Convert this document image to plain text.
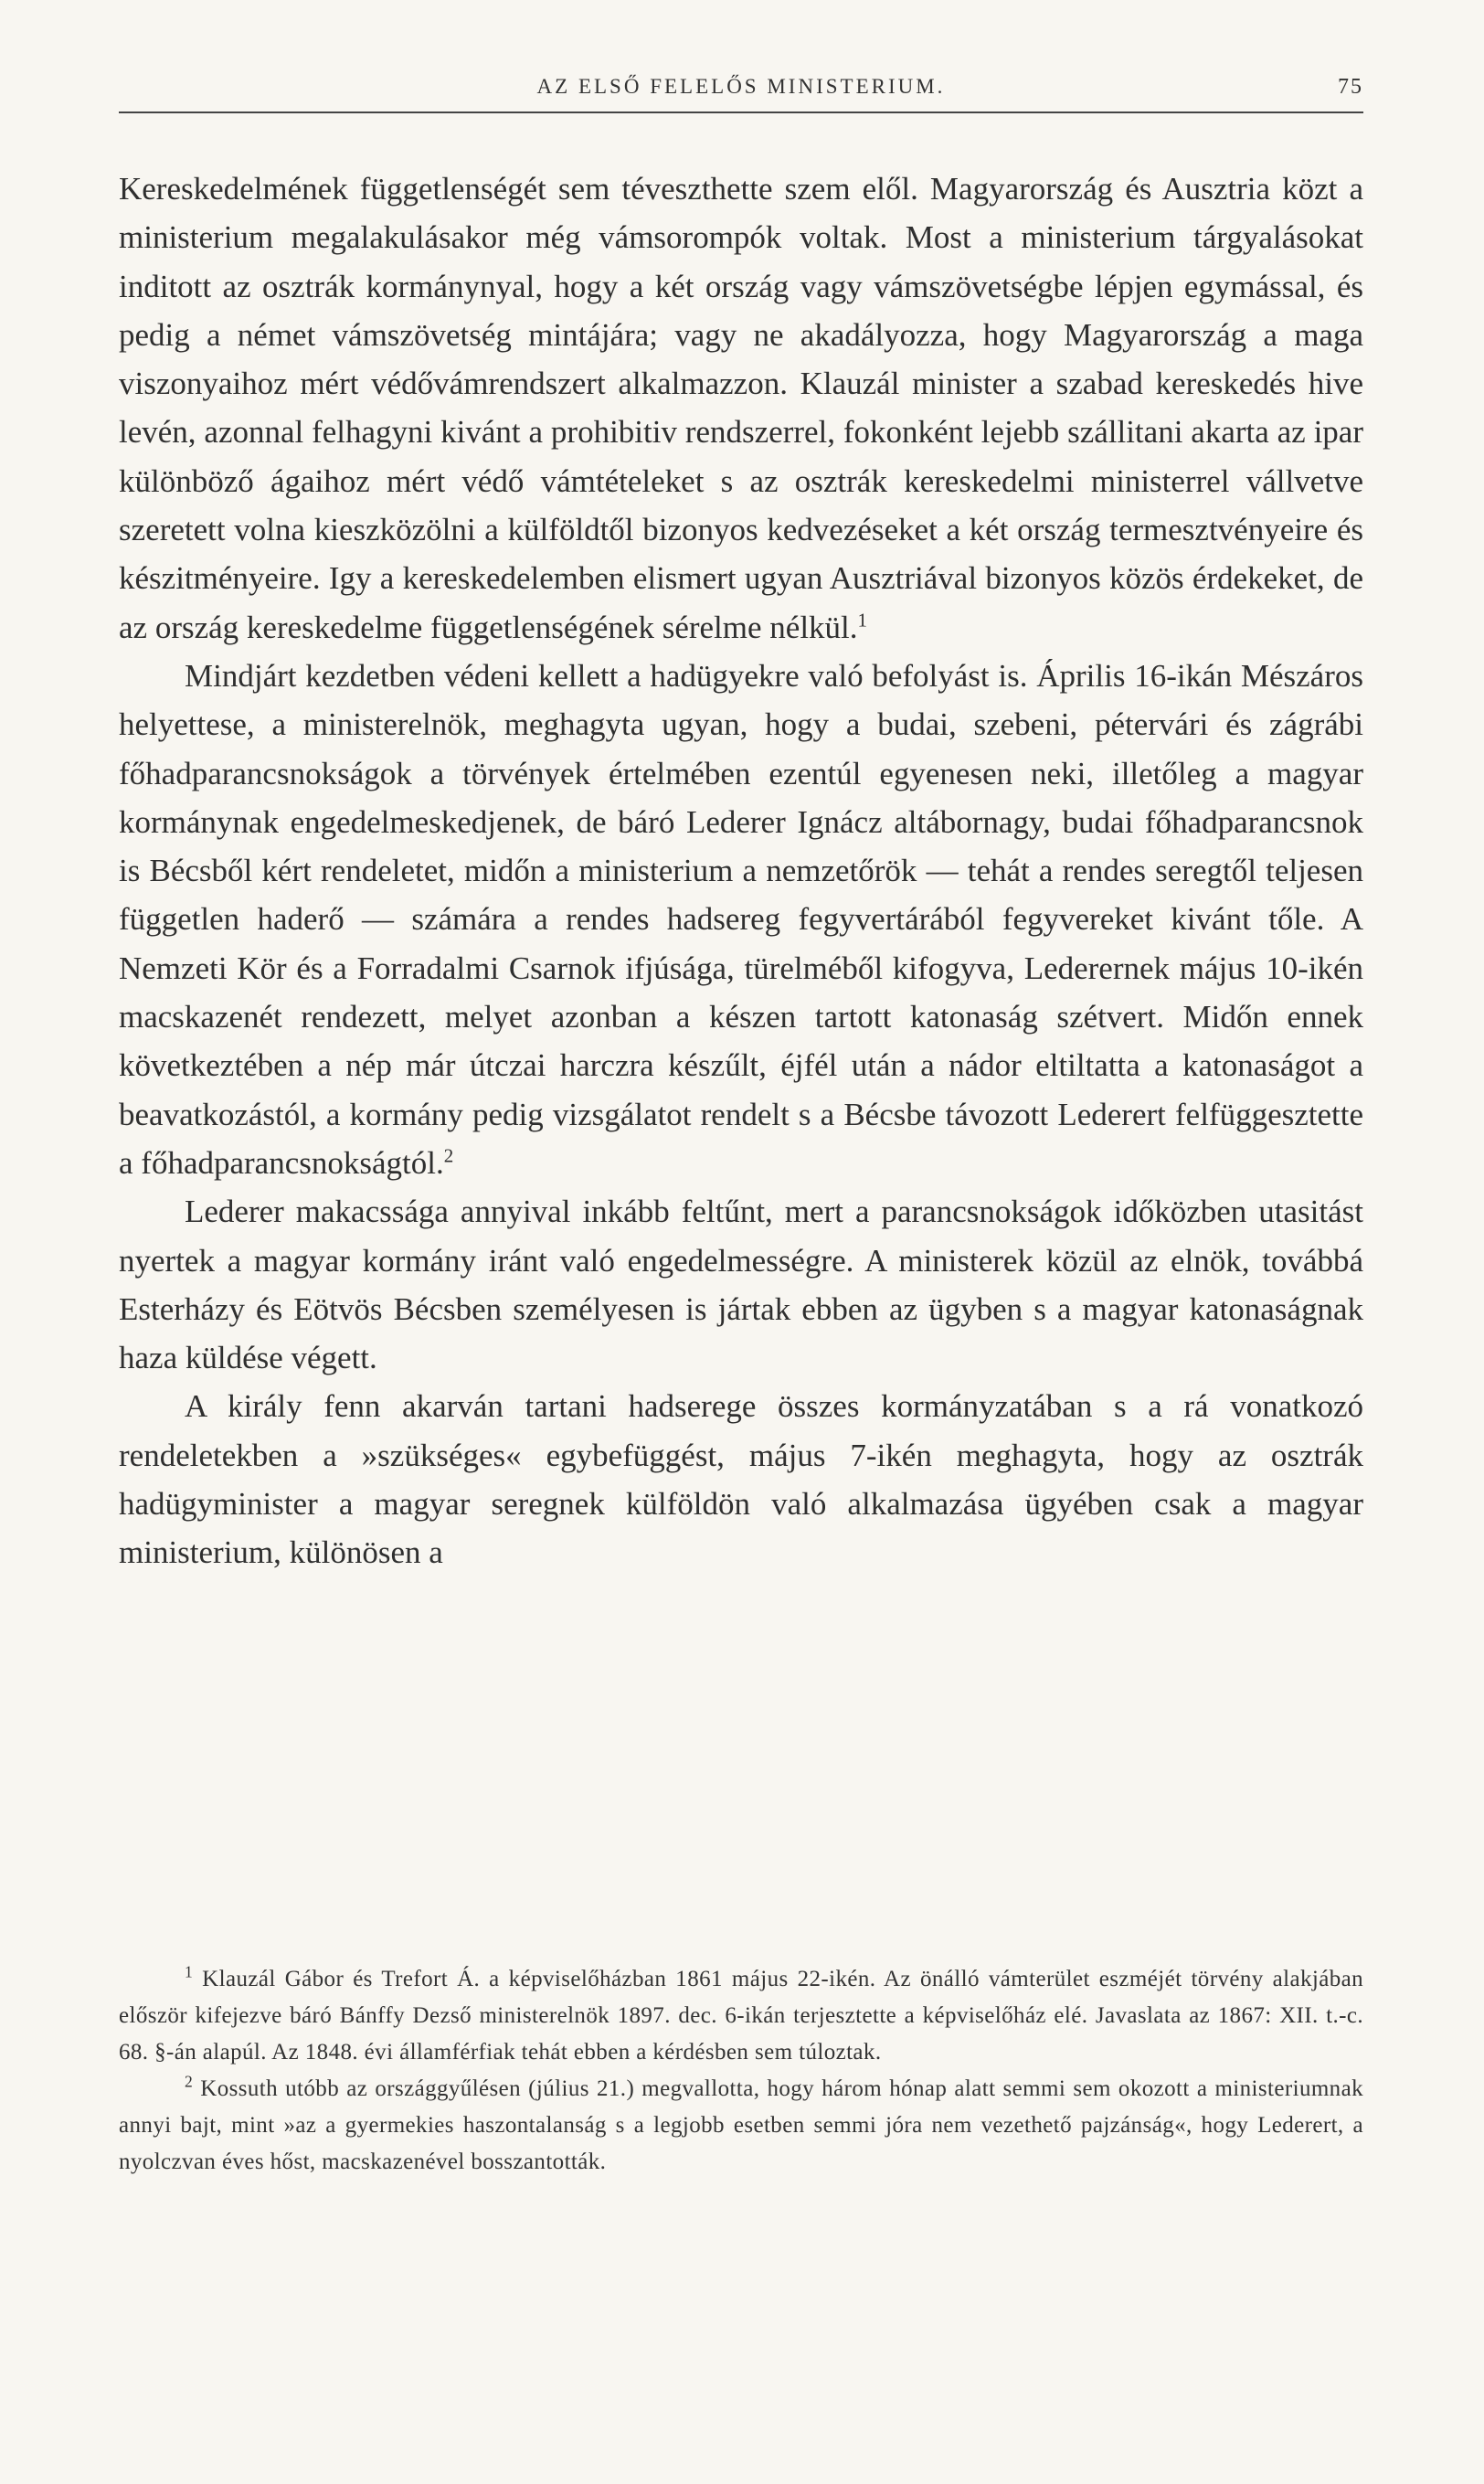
AZ ELSŐ FELELŐS MINISTERIUM.	75

Kereskedelmének függetlenségét sem téveszthette szem elől. Magyarország és Ausztria közt a ministerium megalakulásakor még vámsorompók voltak. Most a ministerium tárgyalásokat inditott az osztrák kormánynyal, hogy a két ország vagy vámszövetségbe lépjen egymással, és pedig a német vámszövetség mintájára; vagy ne akadályozza, hogy Magyarország a maga viszonyaihoz mért védővámrendszert alkalmazzon. Klauzál minister a szabad kereskedés hive levén, azonnal felhagyni kivánt a prohibitiv rendszerrel, fokonként lejebb szállitani akarta az ipar különböző ágaihoz mért védő vámtételeket s az osztrák kereskedelmi ministerrel vállvetve szeretett volna kieszközölni a külföldtől bizonyos kedvezéseket a két ország termesztvényeire és készitményeire. Igy a kereskedelemben elismert ugyan Ausztriával bizonyos közös érdekeket, de az ország kereskedelme függetlenségének sérelme nélkül.$^1$

Mindjárt kezdetben védeni kellett a hadügyekre való befolyást is. Április 16-ikán Mészáros helyettese, a ministerelnök, meghagyta ugyan, hogy a budai, szebeni, pétervári és zágrábi főhadparancsnokságok a törvények értelmében ezentúl egyenesen neki, illetőleg a magyar kormánynak engedelmeskedjenek, de báró Lederer Ignácz altábornagy, budai főhadparancsnok is Bécsből kért rendeletet, midőn a ministerium a nemzetőrök — tehát a rendes seregtől teljesen független haderő — számára a rendes hadsereg fegyvertárából fegyvereket kivánt tőle. A Nemzeti Kör és a Forradalmi Csarnok ifjúsága, türelméből kifogyva, Lederernek május 10-ikén macskazenét rendezett, melyet azonban a készen tartott katonaság szétvert. Midőn ennek következtében a nép már útczai harczra készűlt, éjfél után a nádor eltiltatta a katonaságot a beavatkozástól, a kormány pedig vizsgálatot rendelt s a Bécsbe távozott Lederert felfüggesztette a főhadparancsnokságtól.$^2$

Lederer makacssága annyival inkább feltűnt, mert a parancsnokságok időközben utasitást nyertek a magyar kormány iránt való engedelmességre. A ministerek közül az elnök, továbbá Esterházy és Eötvös Bécsben személyesen is jártak ebben az ügyben s a magyar katonaságnak haza küldése végett.

A király fenn akarván tartani hadserege összes kormányzatában s a rá vonatkozó rendeletekben a »szükséges« egybefüggést, május 7-ikén meghagyta, hogy az osztrák hadügyminister a magyar seregnek külföldön való alkalmazása ügyében csak a magyar ministerium, különösen a

$^1$ Klauzál Gábor és Trefort Á. a képviselőházban 1861 május 22-ikén. Az önálló vámterület eszméjét törvény alakjában először kifejezve báró Bánffy Dezső ministerelnök 1897. dec. 6-ikán terjesztette a képviselőház elé. Javaslata az 1867: XII. t.-c. 68. §-án alapúl. Az 1848. évi államférfiak tehát ebben a kérdésben sem túloztak.

$^2$ Kossuth utóbb az országgyűlésen (július 21.) megvallotta, hogy három hónap alatt semmi sem okozott a ministeriumnak annyi bajt, mint »az a gyermekies haszontalanság s a legjobb esetben semmi jóra nem vezethető pajzánság«, hogy Lederert, a nyolczvan éves hőst, macskazenével bosszantották.
